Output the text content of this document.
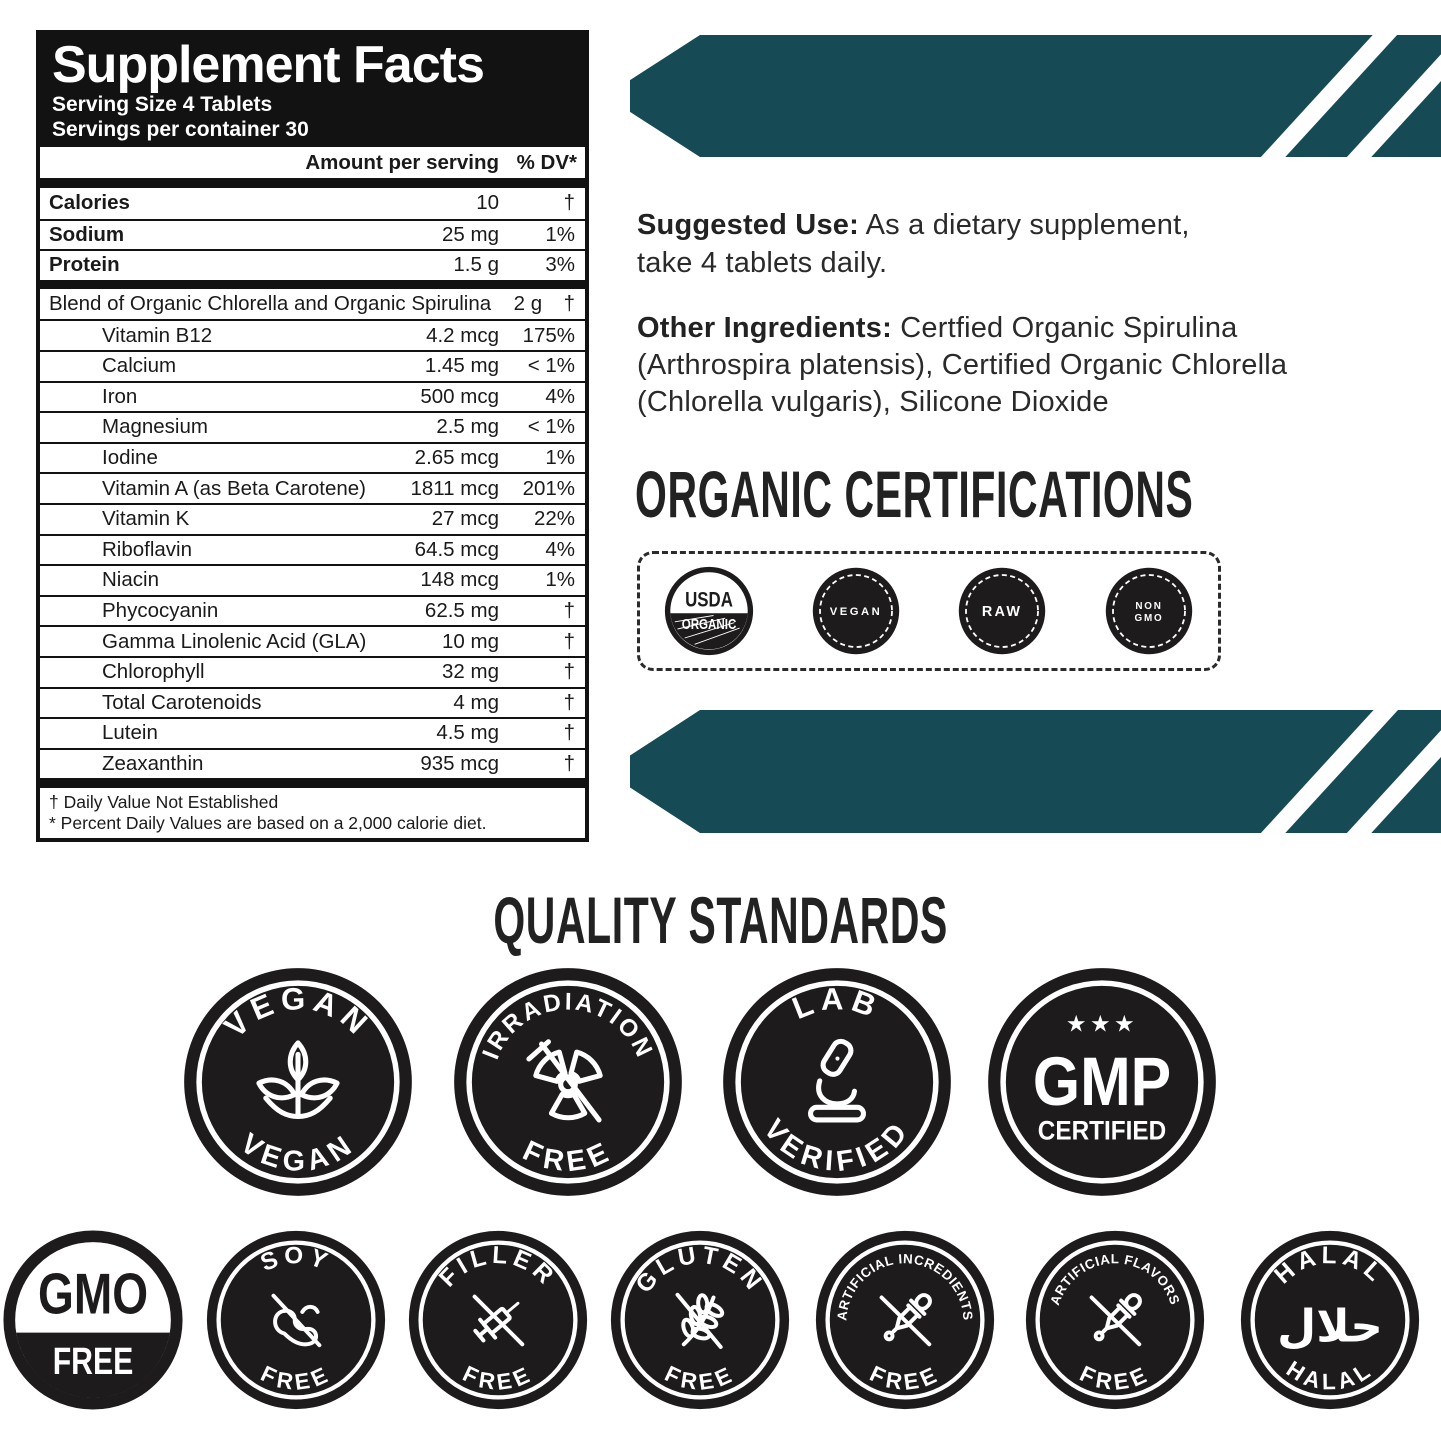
Supplement Facts
Serving Size 4 Tablets
Servings per container 30
Amount per serving % DV*
Calories	10	†
Sodium	25 mg	1%
Protein	1.5 g	3%
Blend of Organic Chlorella and Organic Spirulina	2 g	†
Vitamin B12	4.2 mcg	175%
Calcium	1.45 mg	< 1%
Iron	500 mcg	4%
Magnesium	2.5 mg	< 1%
Iodine	2.65 mcg	1%
Vitamin A (as Beta Carotene)	1811 mcg	201%
Vitamin K	27 mcg	22%
Riboflavin	64.5 mcg	4%
Niacin	148 mcg	1%
Phycocyanin	62.5 mg	†
Gamma Linolenic Acid (GLA)	10 mg	†
Chlorophyll	32 mg	†
Total Carotenoids	4 mg	†
Lutein	4.5 mg	†
Zeaxanthin	935 mcg	†
† Daily Value Not Established
* Percent Daily Values are based on a 2,000 calorie diet.

Suggested Use: As a dietary supplement,
take 4 tablets daily.

Other Ingredients: Certfied Organic Spirulina
(Arthrospira platensis), Certified Organic Chlorella
(Chlorella vulgaris), Silicone Dioxide

ORGANIC CERTIFICATIONS
USDA
ORGANIC
VEGAN	RAW	NON
GMO
QUALITY STANDARDS
VEGAN
VEGAN
IRRADIATION
FREE
LAB
VERIFIED
★★★
GMP
CERTIFIED
GMO
FREE
SOY
FREE
FILLER
FREE
GLUTEN
FREE
ARTIFICIAL INCREDIENTS
FREE
ARTIFICIAL FLAVORS
FREE
HALAL
HALAL
حلال
